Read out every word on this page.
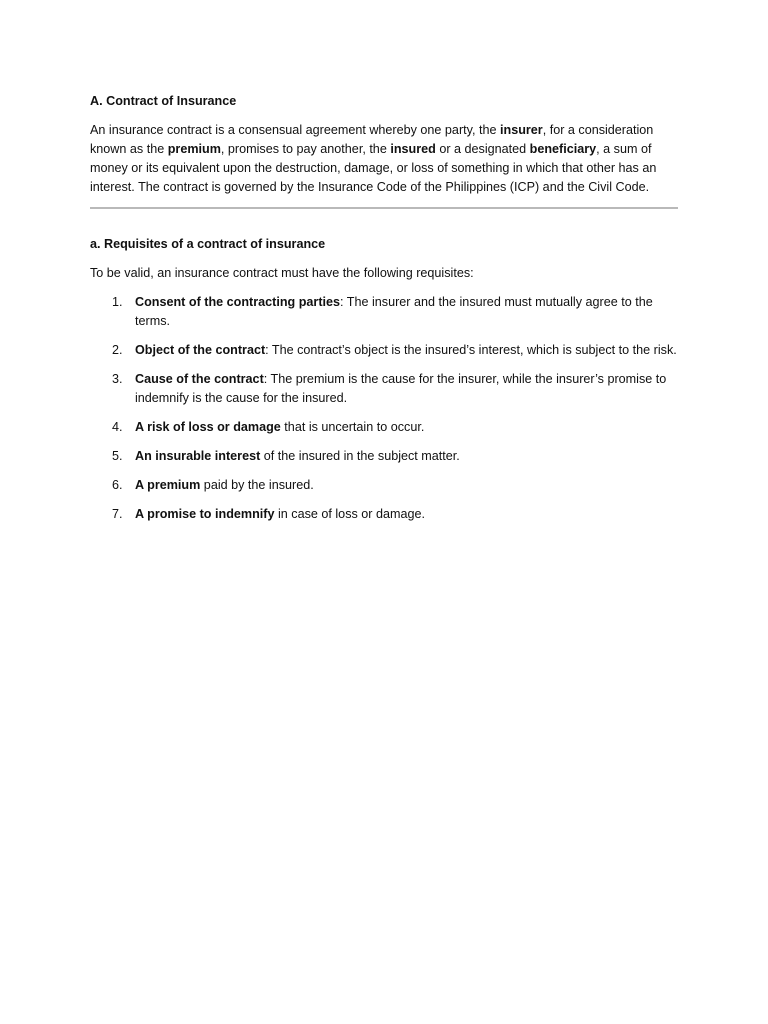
A. Contract of Insurance

An insurance contract is a consensual agreement whereby one party, the insurer, for a consideration known as the premium, promises to pay another, the insured or a designated beneficiary, a sum of money or its equivalent upon the destruction, damage, or loss of something in which that other has an interest. The contract is governed by the Insurance Code of the Philippines (ICP) and the Civil Code.

a. Requisites of a contract of insurance

To be valid, an insurance contract must have the following requisites:

1. Consent of the contracting parties: The insurer and the insured must mutually agree to the terms.
2. Object of the contract: The contract’s object is the insured’s interest, which is subject to the risk.
3. Cause of the contract: The premium is the cause for the insurer, while the insurer’s promise to indemnify is the cause for the insured.
4. A risk of loss or damage that is uncertain to occur.
5. An insurable interest of the insured in the subject matter.
6. A premium paid by the insured.
7. A promise to indemnify in case of loss or damage.
